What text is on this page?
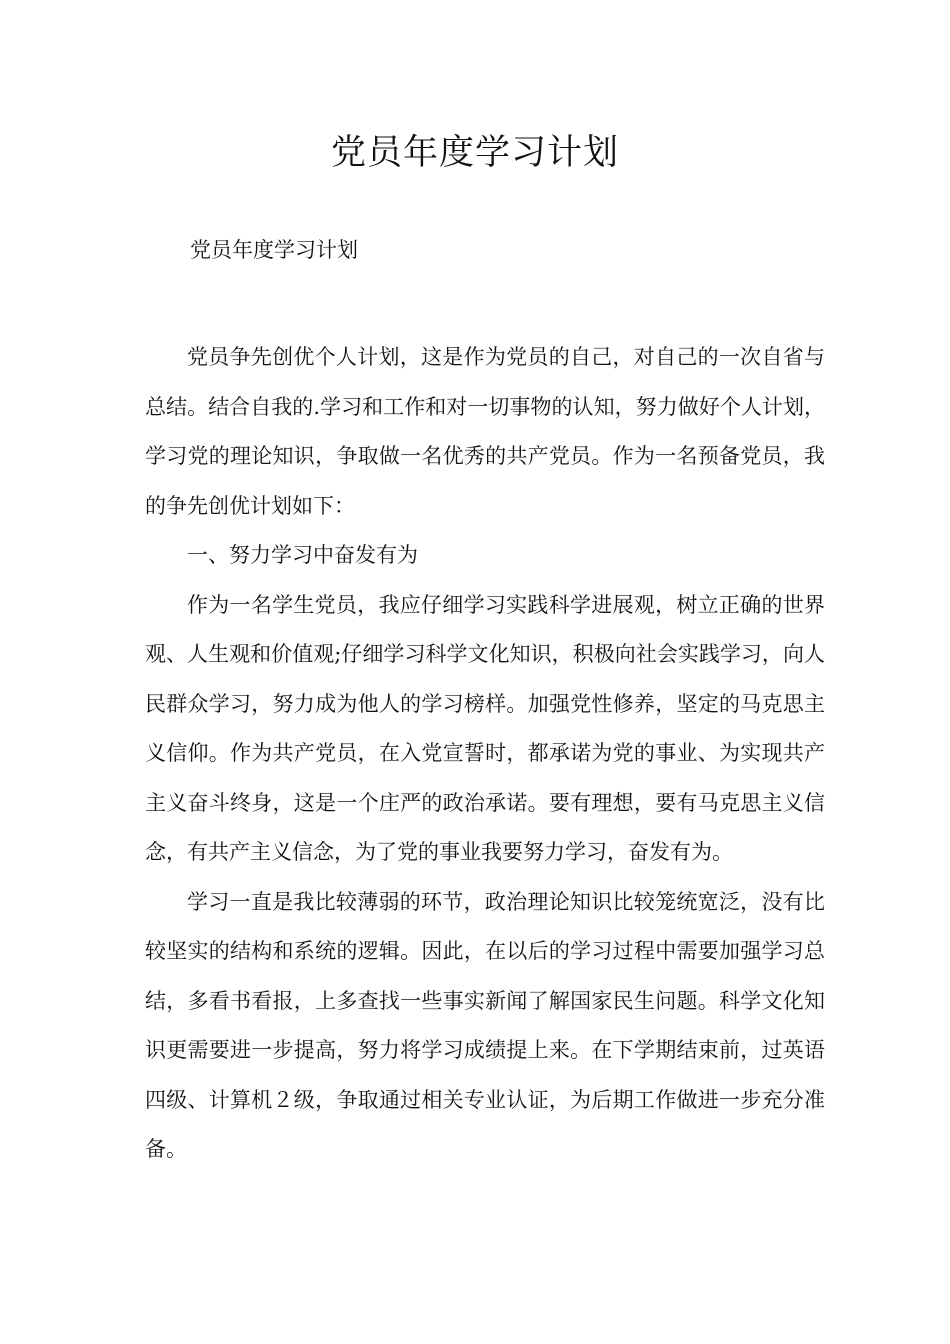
党员年度学习计划

党员年度学习计划

党员争先创优个人计划，这是作为党员的自己，对自己的一次自省与总结。结合自我的.学习和工作和对一切事物的认知，努力做好个人计划，学习党的理论知识，争取做一名优秀的共产党员。作为一名预备党员，我的争先创优计划如下：

一、努力学习中奋发有为

作为一名学生党员，我应仔细学习实践科学进展观，树立正确的世界观、人生观和价值观;仔细学习科学文化知识，积极向社会实践学习，向人民群众学习，努力成为他人的学习榜样。加强党性修养，坚定的马克思主义信仰。作为共产党员，在入党宣誓时，都承诺为党的事业、为实现共产主义奋斗终身，这是一个庄严的政治承诺。要有理想，要有马克思主义信念，有共产主义信念，为了党的事业我要努力学习，奋发有为。

学习一直是我比较薄弱的环节，政治理论知识比较笼统宽泛，没有比较坚实的结构和系统的逻辑。因此，在以后的学习过程中需要加强学习总结，多看书看报，上多查找一些事实新闻了解国家民生问题。科学文化知识更需要进一步提高，努力将学习成绩提上来。在下学期结束前，过英语四级、计算机２级，争取通过相关专业认证，为后期工作做进一步充分准备。
